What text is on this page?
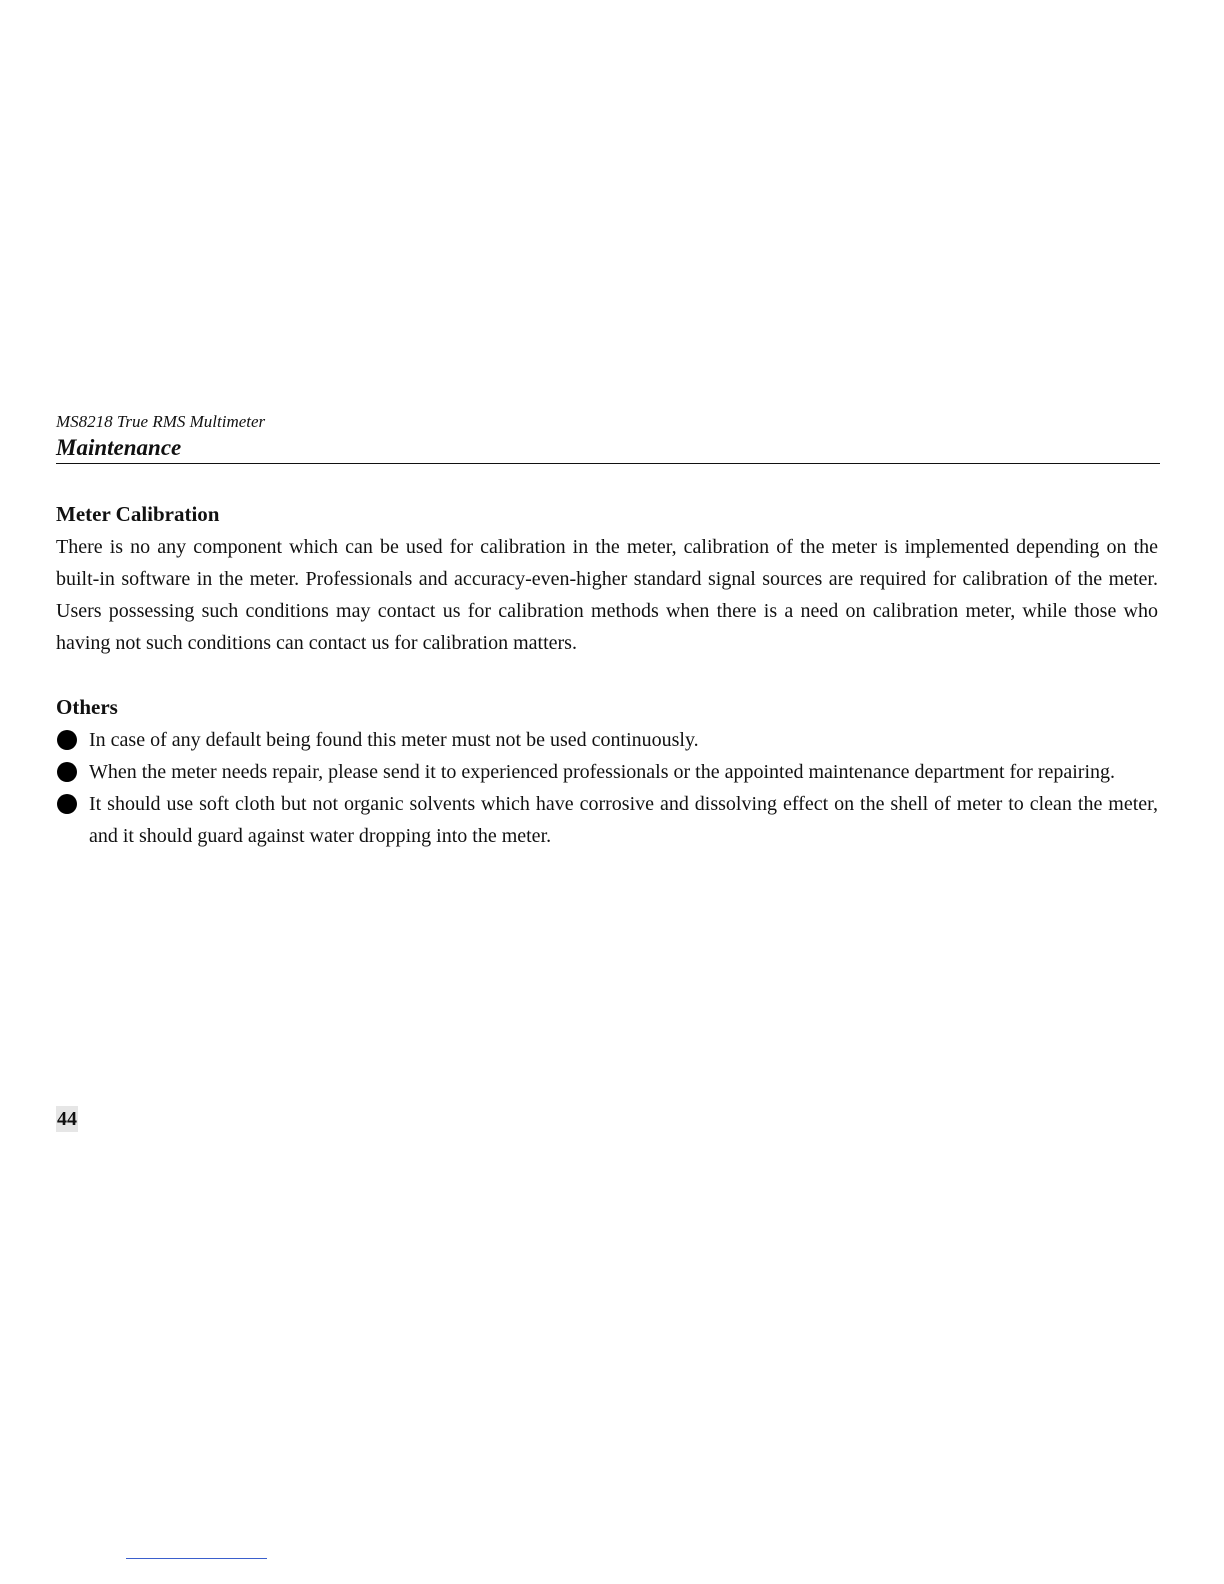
MS8218 True RMS Multimeter
Maintenance
Meter Calibration

There is no any component which can be used for calibration in the meter, calibration of the meter is implemented depending on the built-in software in the meter. Professionals and accuracy-even-higher standard signal sources are required for calibration of the meter. Users possessing such conditions may contact us for calibration methods when there is a need on calibration meter, while those who having not such conditions can contact us for calibration matters.

Others
In case of any default being found this meter must not be used continuously.
When the meter needs repair, please send it to experienced professionals or the appointed maintenance department for repairing.
It should use soft cloth but not organic solvents which have corrosive and dissolving effect on the shell of meter to clean the meter, and it should guard against water dropping into the meter.
44
